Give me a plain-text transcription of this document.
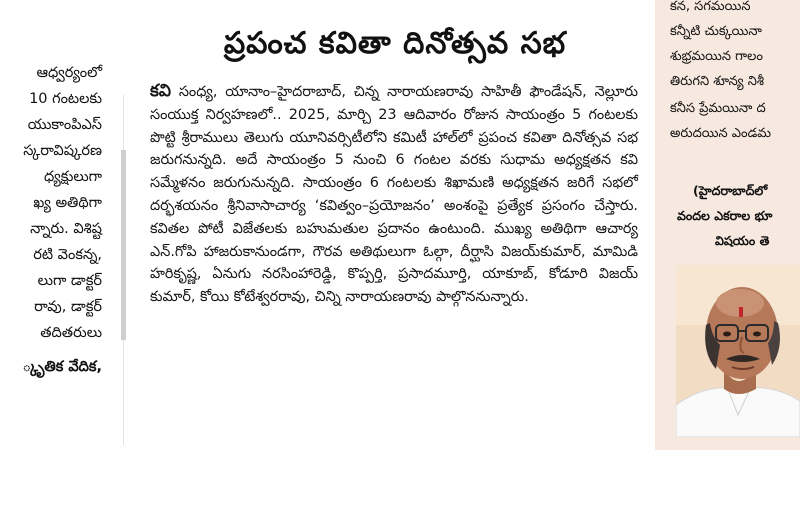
ఆధ్వర్యంలో
10 గంటలకు
యుకాంపిఎస్
స్కరావిష్కరణ
ధ్యక్షులుగా
ఖ్య అతిథిగా
న్నారు. విశిష్ట
రటి వెంకన్న,
లుగా డాక్టర్
రావు, డాక్టర్
తదితరులు
్కృతిక వేదిక,
ప్రపంచ కవితా దినోత్సవ సభ
కవి సంధ్య, యానాం–హైదరాబాద్, చిన్న నారాయణరావు సాహితీ ఫౌండేషన్, నెల్లూరు సంయుక్త నిర్వహణలో.. 2025, మార్చి 23 ఆదివారం రోజున సాయంత్రం 5 గంటలకు పొట్టి శ్రీరాములు తెలుగు యూనివర్సిటీలోని కమిటీ హాల్‌లో ప్రపంచ కవితా దినోత్సవ సభ జరుగనున్నది. అదే సాయంత్రం 5 నుంచి 6 గంటల వరకు సుధామ అధ్యక్షతన కవి సమ్మేళనం జరుగునున్నది. సాయంత్రం 6 గంటలకు శిఖామణి అధ్యక్షతన జరిగే సభలో దర్భశయనం శ్రీనివాసాచార్య ‘కవిత్వం–ప్రయోజనం’ అంశంపై ప్రత్యేక ప్రసంగం చేస్తారు. కవితల పోటీ విజేతలకు బహుమతుల ప్రదానం ఉంటుంది. ముఖ్య అతిథిగా ఆచార్య ఎన్.గోపి హాజరుకానుండగా, గౌరవ అతిథులుగా ఓల్గా, దీర్ఘాసి విజయ్‌కుమార్, మామిడి హరికృష్ణ, ఏనుగు నరసింహారెడ్డి, కొప్పర్తి, ప్రసాదమూర్తి, యాకూబ్, కోడూరి విజయ్ కుమార్, కోయి కోటేశ్వరరావు, చిన్ని నారాయణరావు పాల్గొననున్నారు.
కన, సగమయిన
కన్నీటి చుక్కయినా
శుభ్రమయిన గాలం
తిరుగని శూన్య నిశీ
కనీస ప్రేమయినా ద
అరుదయిన ఎండమ
(హైదరాబాద్‌లో
వందల ఎకరాల భూ
విషయం తె
